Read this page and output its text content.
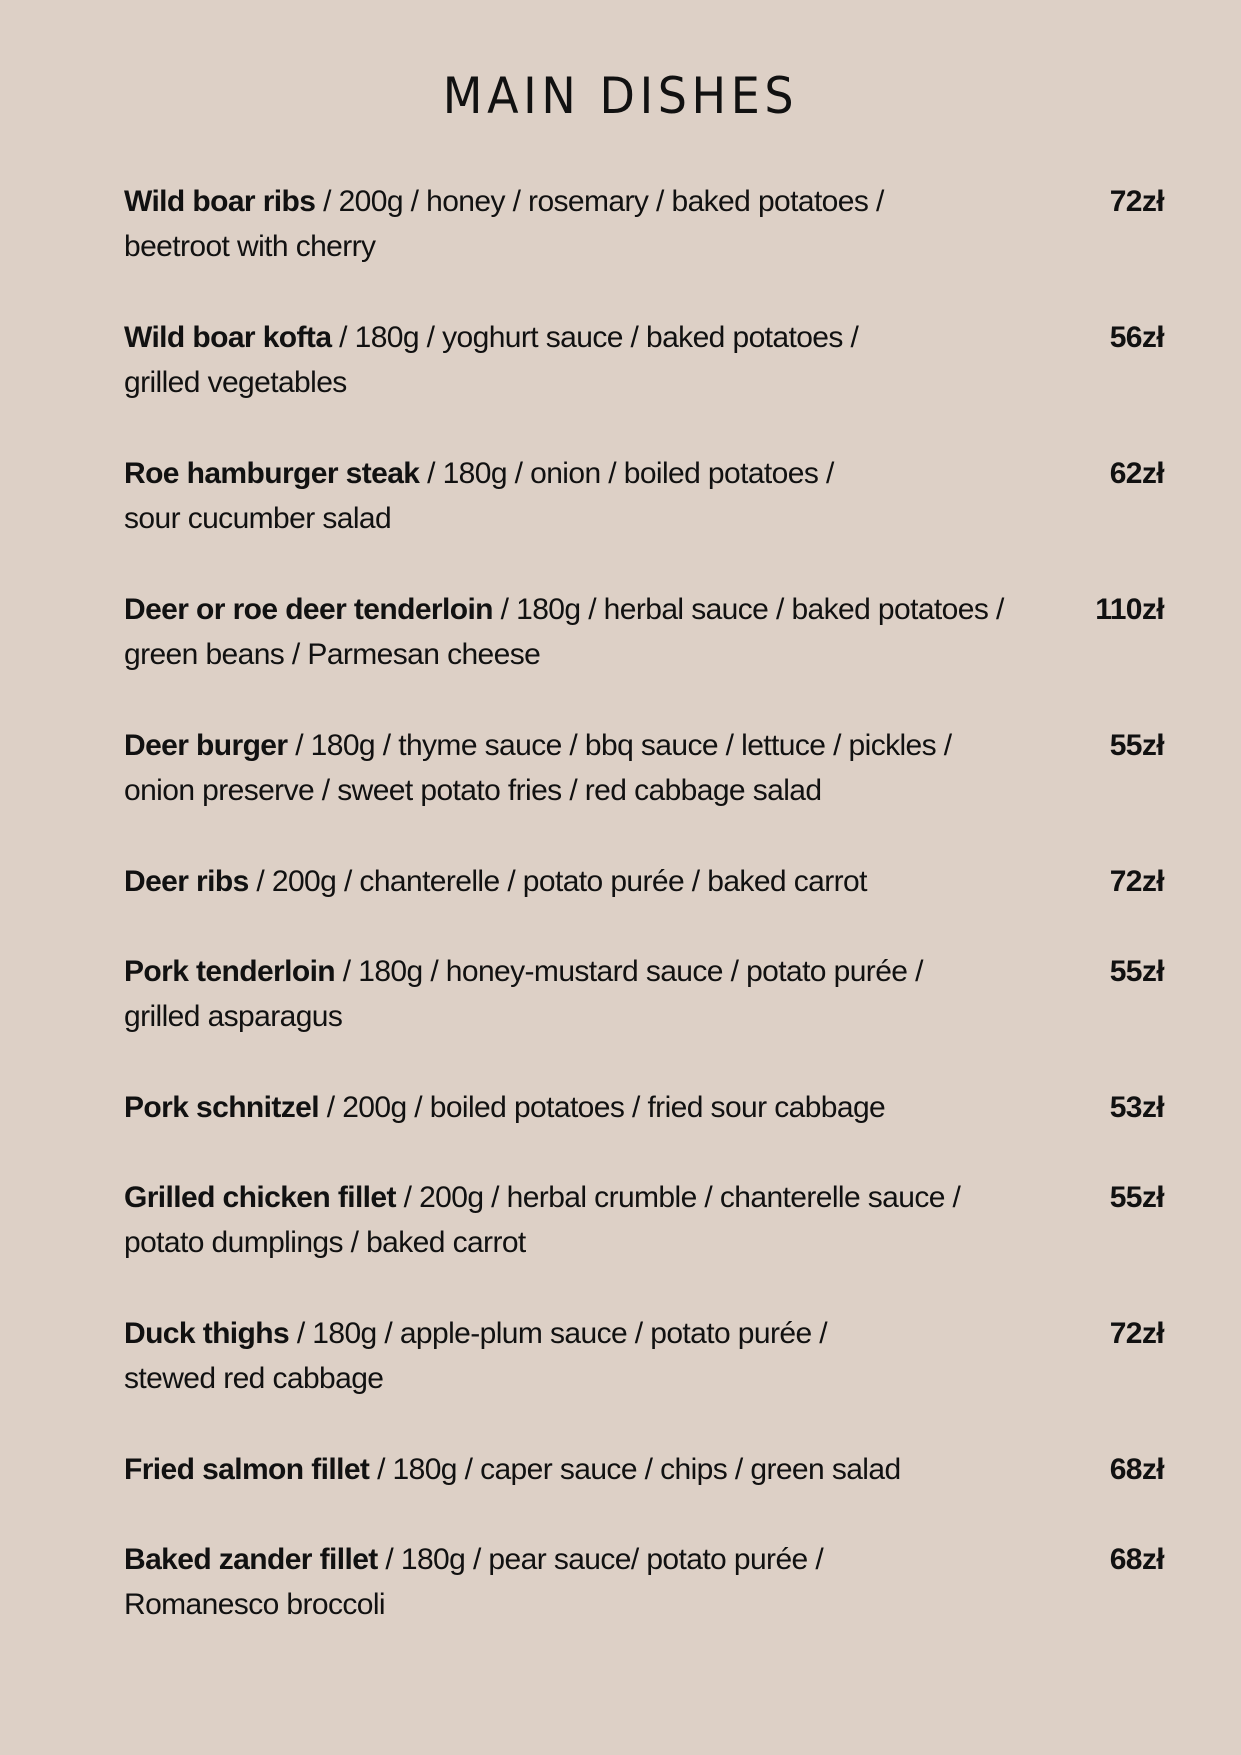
MAIN DISHES
Wild boar ribs / 200g / honey / rosemary / baked potatoes /
beetroot with cherry
72zł
Wild boar kofta / 180g / yoghurt sauce / baked potatoes /
grilled vegetables
56zł
Roe hamburger steak / 180g / onion / boiled potatoes /
sour cucumber salad
62zł
Deer or roe deer tenderloin / 180g / herbal sauce / baked potatoes /
green beans / Parmesan cheese
110zł
Deer burger / 180g / thyme sauce / bbq sauce / lettuce / pickles /
onion preserve / sweet potato fries / red cabbage salad
55zł
Deer ribs / 200g / chanterelle / potato purée / baked carrot	72zł
Pork tenderloin / 180g / honey-mustard sauce / potato purée /
grilled asparagus
55zł
Pork schnitzel / 200g / boiled potatoes / fried sour cabbage	53zł
Grilled chicken fillet / 200g / herbal crumble / chanterelle sauce /
potato dumplings / baked carrot
55zł
Duck thighs / 180g / apple-plum sauce / potato purée /
stewed red cabbage
72zł
Fried salmon fillet / 180g / caper sauce / chips / green salad	68zł
Baked zander fillet / 180g / pear sauce/ potato purée /
Romanesco broccoli
68zł
